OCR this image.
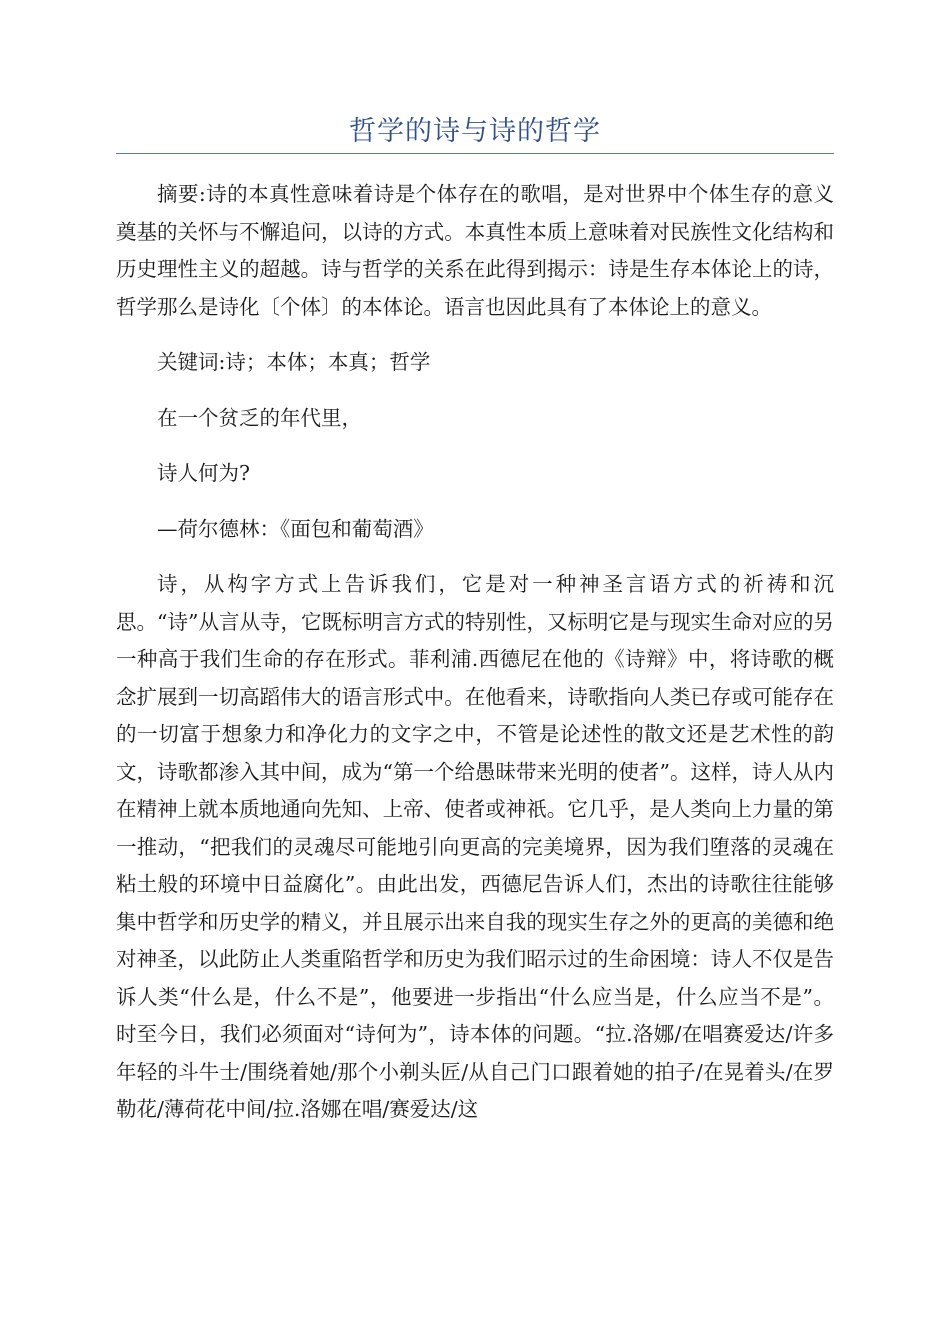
哲学的诗与诗的哲学

摘要:诗的本真性意味着诗是个体存在的歌唱，是对世界中个体生存的意义奠基的关怀与不懈追问，以诗的方式。本真性本质上意味着对民族性文化结构和历史理性主义的超越。诗与哲学的关系在此得到揭示：诗是生存本体论上的诗，哲学那么是诗化〔个体〕的本体论。语言也因此具有了本体论上的意义。

关键词:诗；本体；本真；哲学

在一个贫乏的年代里，

诗人何为?

—荷尔德林：《面包和葡萄酒》

诗，从构字方式上告诉我们，它是对一种神圣言语方式的祈祷和沉思。“诗”从言从寺，它既标明言方式的特别性，又标明它是与现实生命对应的另一种高于我们生命的存在形式。菲利浦.西德尼在他的《诗辩》中，将诗歌的概念扩展到一切高蹈伟大的语言形式中。在他看来，诗歌指向人类已存或可能存在的一切富于想象力和净化力的文字之中，不管是论述性的散文还是艺术性的韵文，诗歌都渗入其中间，成为“第一个给愚昧带来光明的使者”。这样，诗人从内在精神上就本质地通向先知、上帝、使者或神祇。它几乎，是人类向上力量的第一推动，“把我们的灵魂尽可能地引向更高的完美境界，因为我们堕落的灵魂在粘土般的环境中日益腐化”。由此出发，西德尼告诉人们，杰出的诗歌往往能够集中哲学和历史学的精义，并且展示出来自我的现实生存之外的更高的美德和绝对神圣，以此防止人类重陷哲学和历史为我们昭示过的生命困境：诗人不仅是告诉人类“什么是，什么不是”，他要进一步指出“什么应当是，什么应当不是”。时至今日，我们必须面对“诗何为”，诗本体的问题。“拉.洛娜/在唱赛爱达/许多年轻的斗牛士/围绕着她/那个小剃头匠/从自己门口跟着她的拍子/在晃着头/在罗勒花/薄荷花中间/拉.洛娜在唱/赛爱达/这
